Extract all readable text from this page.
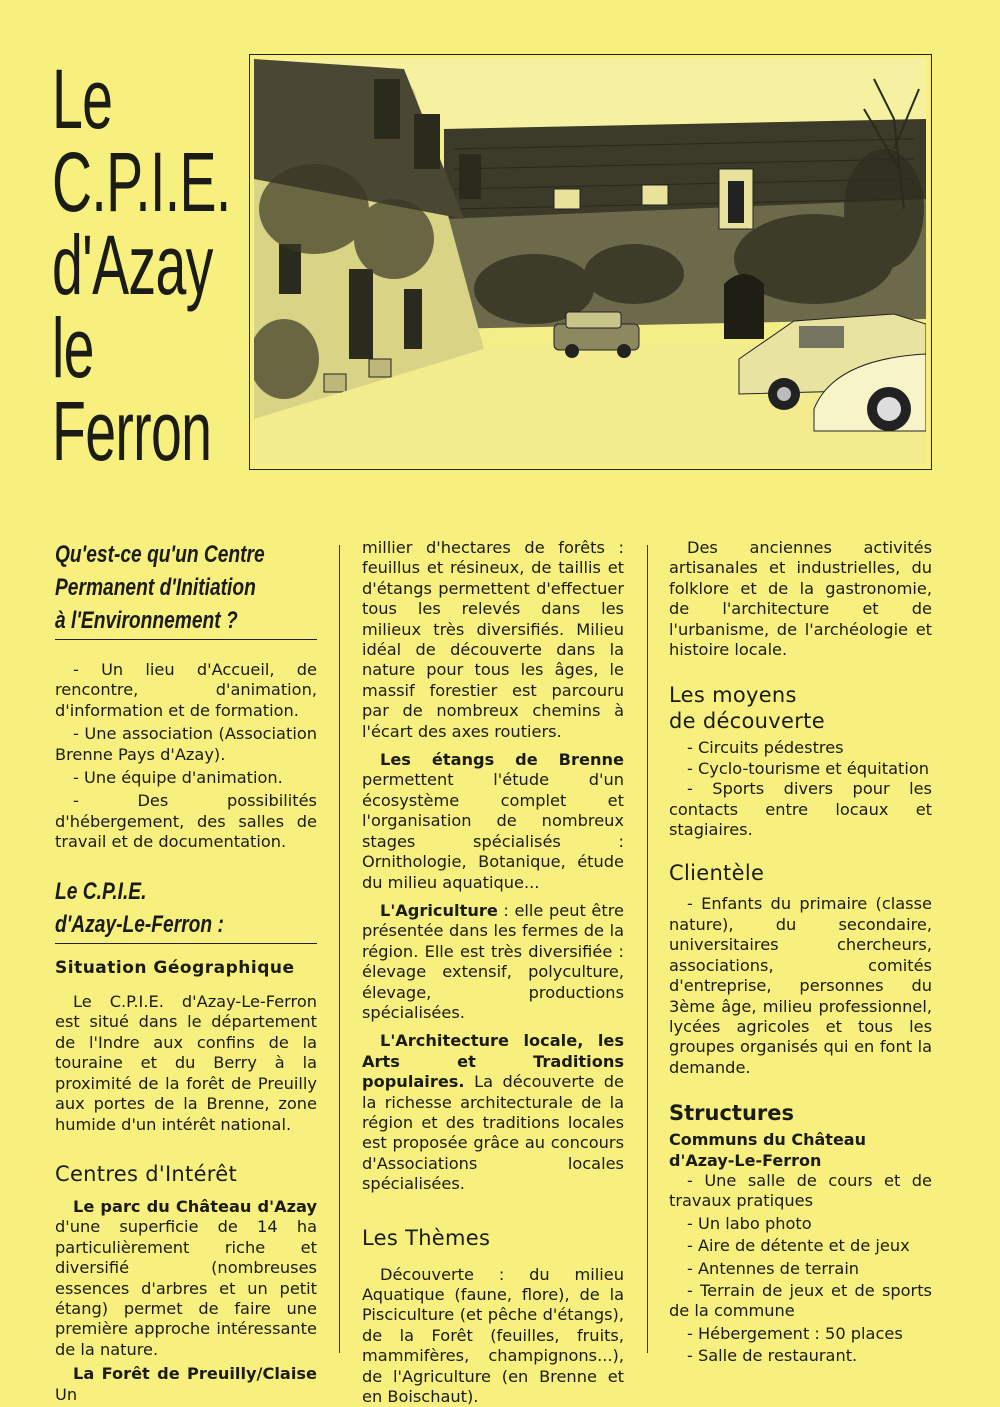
Le
C.P.I.E.
d'Azay
le
Ferron
Qu'est-ce qu'un Centre
Permanent d'Initiation
à l'Environnement ?
- Un lieu d'Accueil, de rencontre, d'animation, d'information et de formation.
- Une association (Association Brenne Pays d'Azay).
- Une équipe d'animation.
- Des possibilités d'hébergement, des salles de travail et de documentation.
Le C.P.I.E.
d'Azay-Le-Ferron :

Situation Géographique

Le C.P.I.E. d'Azay-Le-Ferron est situé dans le département de l'Indre aux confins de la touraine et du Berry à la proximité de la forêt de Preuilly aux portes de la Brenne, zone humide d'un intérêt national.

Centres d'Intérêt

Le parc du Château d'Azay d'une superficie de 14 ha particulièrement riche et diversifié (nombreuses essences d'arbres et un petit étang) permet de faire une première approche intéressante de la nature.

La Forêt de Preuilly/Claise Un

millier d'hectares de forêts : feuillus et résineux, de taillis et d'étangs permettent d'effectuer tous les relevés dans les milieux très diversifiés. Milieu idéal de découverte dans la nature pour tous les âges, le massif forestier est parcouru par de nombreux chemins à l'écart des axes routiers.

Les étangs de Brenne permettent l'étude d'un écosystème complet et l'organisation de nombreux stages spécialisés : Ornithologie, Botanique, étude du milieu aquatique...

L'Agriculture : elle peut être présentée dans les fermes de la région. Elle est très diversifiée : élevage extensif, polyculture, élevage, productions spécialisées.

L'Architecture locale, les Arts et Traditions populaires. La découverte de la richesse architecturale de la région et des traditions locales est proposée grâce au concours d'Associations locales spécialisées.

Les Thèmes

Découverte : du milieu Aquatique (faune, flore), de la Pisciculture (et pêche d'étangs), de la Forêt (feuilles, fruits, mammifères, champignons...), de l'Agriculture (en Brenne et en Boischaut).

Des anciennes activités artisanales et industrielles, du folklore et de la gastronomie, de l'architecture et de l'urbanisme, de l'archéologie et histoire locale.

Les moyens
de découverte
- Circuits pédestres
- Cyclo-tourisme et équitation
- Sports divers pour les contacts entre locaux et stagiaires.
Clientèle

- Enfants du primaire (classe nature), du secondaire, universitaires chercheurs, associations, comités d'entreprise, personnes du 3ème âge, milieu professionnel, lycées agricoles et tous les groupes organisés qui en font la demande.

Structures
Communs du Château
d'Azay-Le-Ferron
- Une salle de cours et de travaux pratiques
- Un labo photo
- Aire de détente et de jeux
- Antennes de terrain
- Terrain de jeux et de sports de la commune
- Hébergement : 50 places
- Salle de restaurant.
